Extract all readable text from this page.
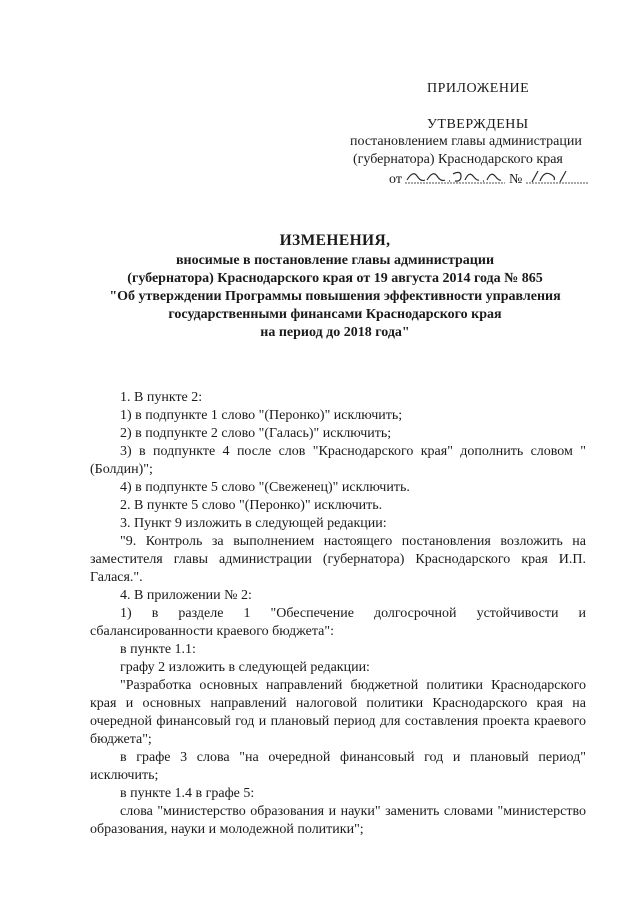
ПРИЛОЖЕНИЕ
УТВЕРЖДЕНЫ
постановлением главы администрации
(губернатора) Краснодарского края
от	№
ИЗМЕНЕНИЯ,
вносимые в постановление главы администрации
(губернатора) Краснодарского края от 19 августа 2014 года № 865
"Об утверждении Программы повышения эффективности управления
государственными финансами Краснодарского края
на период до 2018 года"

1. В пункте 2:

1) в подпункте 1 слово "(Перонко)" исключить;

2) в подпункте 2 слово "(Галась)" исключить;

3) в подпункте 4 после слов "Краснодарского края" дополнить словом "(Болдин)";

4) в подпункте 5 слово "(Свеженец)" исключить.

2. В пункте 5 слово "(Перонко)" исключить.

3. Пункт 9 изложить в следующей редакции:

"9. Контроль за выполнением настоящего постановления возложить на заместителя главы администрации (губернатора) Краснодарского края И.П. Галася.".

4. В приложении № 2:

1) в разделе 1 "Обеспечение долгосрочной устойчивости и сбалансированности краевого бюджета":

в пункте 1.1:

графу 2 изложить в следующей редакции:

"Разработка основных направлений бюджетной политики Краснодарского края и основных направлений налоговой политики Краснодарского края на очередной финансовый год и плановый период для составления проекта краевого бюджета";

в графе 3 слова "на очередной финансовый год и плановый период" исключить;

в пункте 1.4 в графе 5:

слова "министерство образования и науки" заменить словами "министерство образования, науки и молодежной политики";
